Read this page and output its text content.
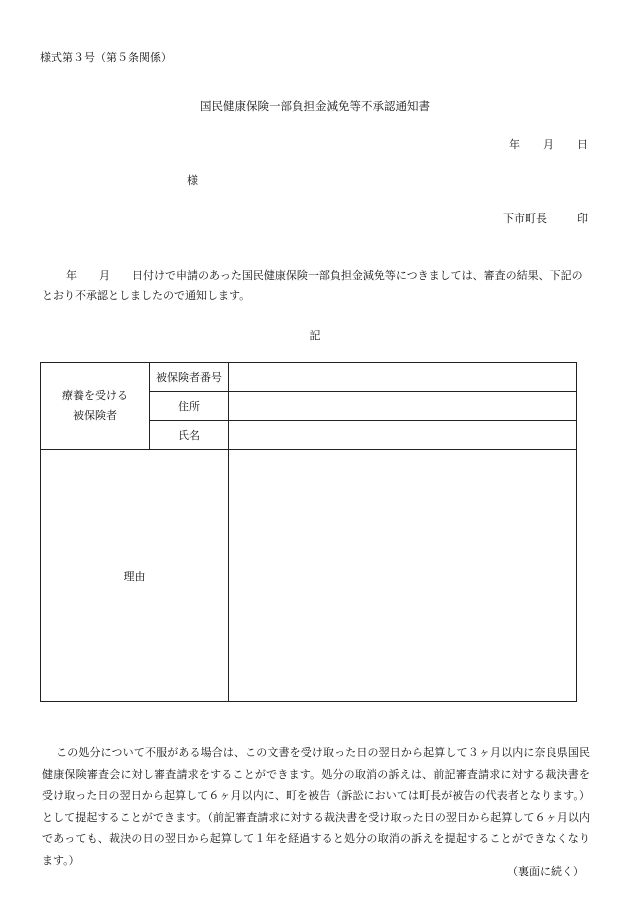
様式第３号（第５条関係）
国民健康保険一部負担金減免等不承認通知書
年 月 日
様
下市町長	印
年 月 日付けで申請のあった国民健康保険一部負担金減免等につきましては、審査の結果、下記のとおり不承認としましたので通知します。
記
療養を受ける
被保険者	被保険者番号	
	住所	
	氏名	
理由		
この処分について不服がある場合は、この文書を受け取った日の翌日から起算して３ヶ月以内に奈良県国民健康保険審査会に対し審査請求をすることができます。処分の取消の訴えは、前記審査請求に対する裁決書を受け取った日の翌日から起算して６ヶ月以内に、町を被告（訴訟においては町長が被告の代表者となります。）として提起することができます。（前記審査請求に対する裁決書を受け取った日の翌日から起算して６ヶ月以内であっても、裁決の日の翌日から起算して１年を経過すると処分の取消の訴えを提起することができなくなります。）
（裏面に続く）
